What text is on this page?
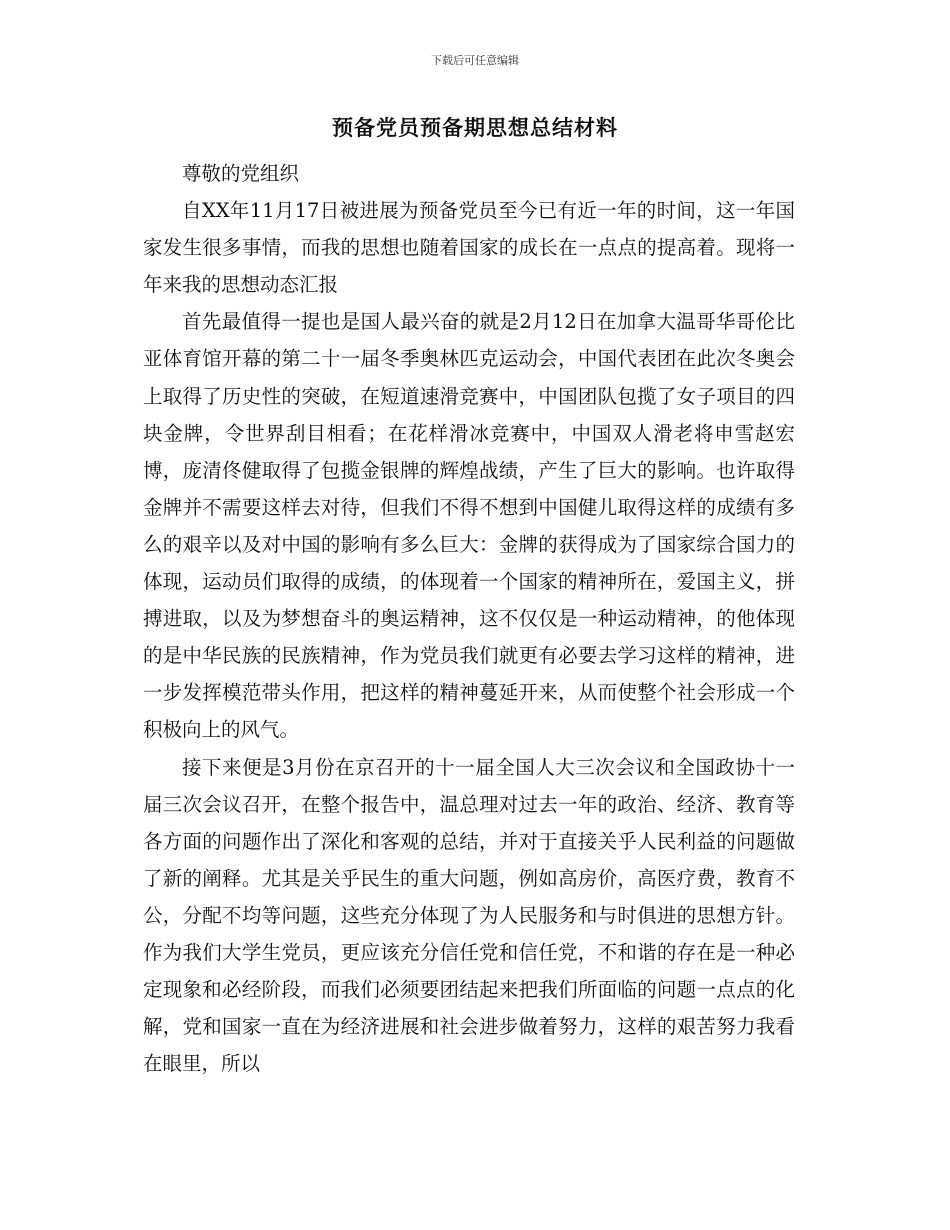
下载后可任意编辑
预备党员预备期思想总结材料

尊敬的党组织

自XX年11月17日被进展为预备党员至今已有近一年的时间，这一年国家发生很多事情，而我的思想也随着国家的成长在一点点的提高着。现将一年来我的思想动态汇报

首先最值得一提也是国人最兴奋的就是2月12日在加拿大温哥华哥伦比亚体育馆开幕的第二十一届冬季奥林匹克运动会，中国代表团在此次冬奥会上取得了历史性的突破，在短道速滑竞赛中，中国团队包揽了女子项目的四块金牌，令世界刮目相看；在花样滑冰竞赛中，中国双人滑老将申雪赵宏博，庞清佟健取得了包揽金银牌的辉煌战绩，产生了巨大的影响。也许取得金牌并不需要这样去对待，但我们不得不想到中国健儿取得这样的成绩有多么的艰辛以及对中国的影响有多么巨大：金牌的获得成为了国家综合国力的体现，运动员们取得的成绩，的体现着一个国家的精神所在，爱国主义，拼搏进取，以及为梦想奋斗的奥运精神，这不仅仅是一种运动精神，的他体现的是中华民族的民族精神，作为党员我们就更有必要去学习这样的精神，进一步发挥模范带头作用，把这样的精神蔓延开来，从而使整个社会形成一个积极向上的风气。

接下来便是3月份在京召开的十一届全国人大三次会议和全国政协十一届三次会议召开，在整个报告中，温总理对过去一年的政治、经济、教育等各方面的问题作出了深化和客观的总结，并对于直接关乎人民利益的问题做了新的阐释。尤其是关乎民生的重大问题，例如高房价，高医疗费，教育不公，分配不均等问题，这些充分体现了为人民服务和与时俱进的思想方针。作为我们大学生党员，更应该充分信任党和信任党，不和谐的存在是一种必定现象和必经阶段，而我们必须要团结起来把我们所面临的问题一点点的化解，党和国家一直在为经济进展和社会进步做着努力，这样的艰苦努力我看在眼里，所以
